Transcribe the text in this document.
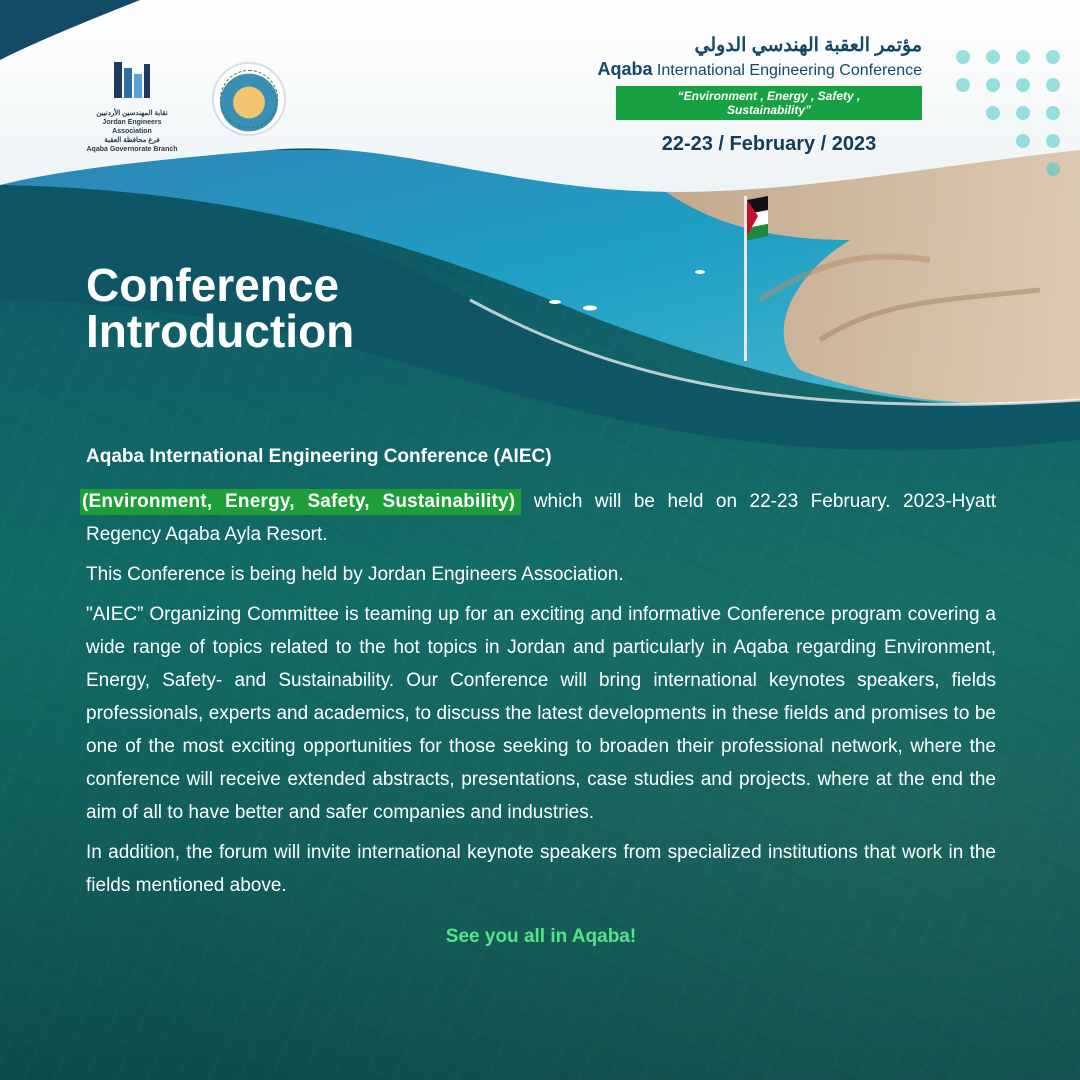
نقابة المهندسين الأردنيين
Jordan Engineers Association
فرع محافظة العقبة
Aqaba Governorate Branch
مؤتمر العقبة الهندسي الدولي
Aqaba International Engineering Conference
“Environment , Energy , Safety , Sustainability”
22-23 / February / 2023
Conference
Introduction

Aqaba International Engineering Conference (AIEC)

(Environment, Energy, Safety, Sustainability) which will be held on 22-23 February. 2023-Hyatt Regency Aqaba Ayla Resort.

This Conference is being held by Jordan Engineers Association.

"AIEC” Organizing Committee is teaming up for an exciting and informative Conference program covering a wide range of topics related to the hot topics in Jordan and particularly in Aqaba regarding Environment, Energy, Safety- and Sustainability. Our Conference will bring international keynotes speakers, fields professionals, experts and academics, to discuss the latest developments in these fields and promises to be one of the most exciting opportunities for those seeking to broaden their professional network, where the conference will receive extended abstracts, presentations, case studies and projects. where at the end the aim of all to have better and safer companies and industries.

In addition, the forum will invite international keynote speakers from specialized institutions that work in the fields mentioned above.

See you all in Aqaba!
